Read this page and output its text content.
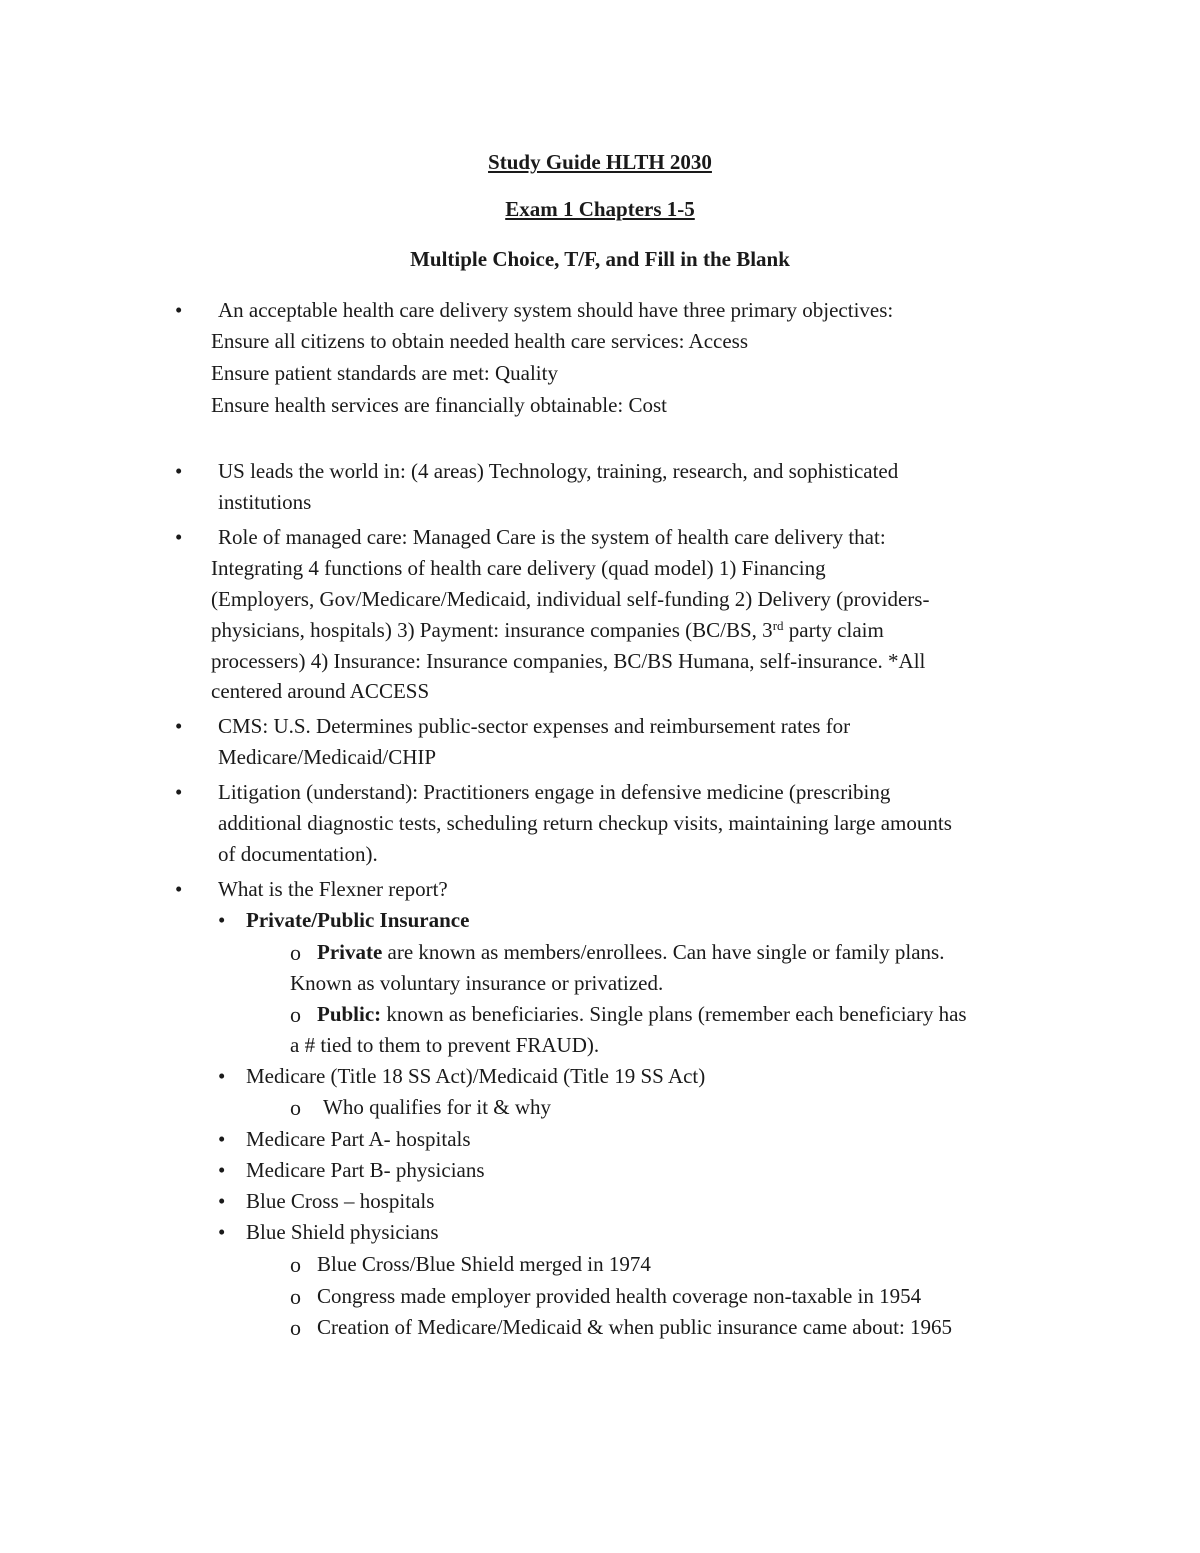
Study Guide HLTH 2030
Exam 1 Chapters 1-5
Multiple Choice, T/F, and Fill in the Blank
• An acceptable health care delivery system should have three primary objectives:
Ensure all citizens to obtain needed health care services: Access
Ensure patient standards are met: Quality
Ensure health services are financially obtainable: Cost
• US leads the world in: (4 areas) Technology, training, research, and sophisticated
institutions
• Role of managed care: Managed Care is the system of health care delivery that:
Integrating 4 functions of health care delivery (quad model) 1) Financing
(Employers, Gov/Medicare/Medicaid, individual self-funding 2) Delivery (providers-
physicians, hospitals) 3) Payment: insurance companies (BC/BS, 3rd party claim
processers) 4) Insurance: Insurance companies, BC/BS Humana, self-insurance. *All
centered around ACCESS
• CMS: U.S. Determines public-sector expenses and reimbursement rates for
Medicare/Medicaid/CHIP
• Litigation (understand): Practitioners engage in defensive medicine (prescribing
additional diagnostic tests, scheduling return checkup visits, maintaining large amounts
of documentation).
• What is the Flexner report?
• Private/Public Insurance
o Private are known as members/enrollees. Can have single or family plans.
Known as voluntary insurance or privatized.
o Public: known as beneficiaries. Single plans (remember each beneficiary has
a # tied to them to prevent FRAUD).
• Medicare (Title 18 SS Act)/Medicaid (Title 19 SS Act)
o Who qualifies for it & why
• Medicare Part A- hospitals
• Medicare Part B- physicians
• Blue Cross – hospitals
• Blue Shield physicians
o Blue Cross/Blue Shield merged in 1974
o Congress made employer provided health coverage non-taxable in 1954
o Creation of Medicare/Medicaid & when public insurance came about: 1965
